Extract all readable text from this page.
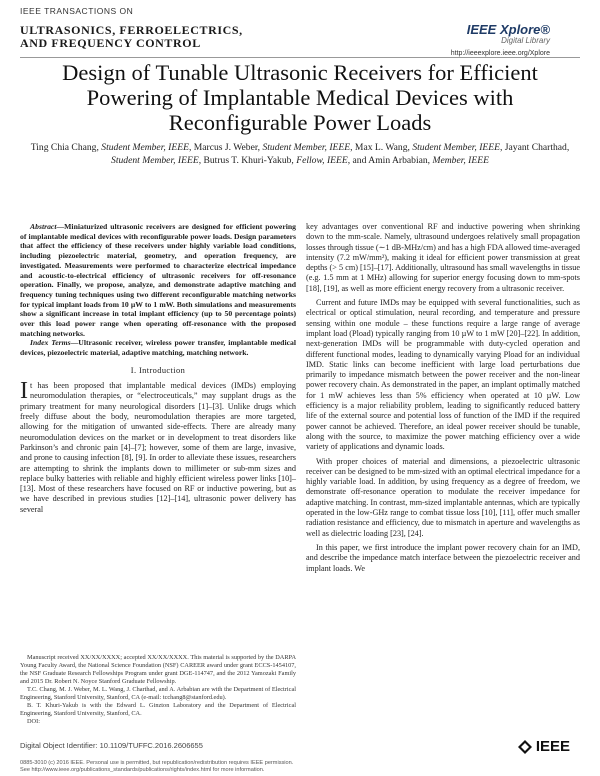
IEEE TRANSACTIONS ON
ULTRASONICS, FERROELECTRICS,
AND FREQUENCY CONTROL
IEEE Xplore®
Digital Library
http://ieeexplore.ieee.org/Xplore
Design of Tunable Ultrasonic Receivers for Efficient Powering of Implantable Medical Devices with Reconfigurable Power Loads
Ting Chia Chang, Student Member, IEEE, Marcus J. Weber, Student Member, IEEE, Max L. Wang, Student Member, IEEE, Jayant Charthad, Student Member, IEEE, Butrus T. Khuri-Yakub, Fellow, IEEE, and Amin Arbabian, Member, IEEE

Abstract—Miniaturized ultrasonic receivers are designed for efficient powering of implantable medical devices with reconfigurable power loads. Design parameters that affect the efficiency of these receivers under highly variable load conditions, including piezoelectric material, geometry, and operation frequency, are investigated. Measurements were performed to characterize electrical impedance and acoustic-to-electrical efficiency of ultrasonic receivers for off-resonance operation. Finally, we propose, analyze, and demonstrate adaptive matching and frequency tuning techniques using two different reconfigurable matching networks for typical implant loads from 10 µW to 1 mW. Both simulations and measurements show a significant increase in total implant efficiency (up to 50 percentage points) over this load power range when operating off-resonance with the proposed matching networks.

Index Terms—Ultrasonic receiver, wireless power transfer, implantable medical devices, piezoelectric material, adaptive matching, matching network.

I. Introduction
I t has been proposed that implantable medical devices (IMDs) employing neuromodulation therapies, or “electroceuticals,” may supplant drugs as the primary treatment for many neurological disorders [1]–[3]. Unlike drugs which freely diffuse about the body, neuromodulation therapies are more targeted, allowing for the mitigation of unwanted side-effects. There are already many neuromodulation devices on the market or in development to treat disorders like Parkinson’s and chronic pain [4]–[7]; however, some of them are large, invasive, and prone to causing infection [8], [9]. In order to alleviate these issues, researchers are attempting to shrink the implants down to millimeter or sub-mm sizes and replace bulky batteries with reliable and highly efficient wireless power links [10]–[13]. Most of these researchers have focused on RF or inductive powering, but as we have described in previous studies [12]–[14], ultrasonic power delivery has several

Manuscript received XX/XX/XXXX; accepted XX/XX/XXXX. This material is supported by the DARPA Young Faculty Award, the National Science Foundation (NSF) CAREER award under grant ECCS-1454107, the NSF Graduate Research Fellowships Program under grant DGE-114747, and the 2012 Yamozaki Family and 2015 Dr. Robert N. Noyce Stanford Graduate Fellowship.

T.C. Chang, M. J. Weber, M. L. Wang, J. Charthad, and A. Arbabian are with the Department of Electrical Engineering, Stanford University, Stanford, CA (e-mail: tcchang8@stanford.edu).

B. T. Khuri-Yakub is with the Edward L. Ginzton Laboratory and the Department of Electrical Engineering, Stanford University, Stanford, CA.

DOI:

key advantages over conventional RF and inductive powering when shrinking down to the mm-scale. Namely, ultrasound undergoes relatively small propagation losses through tissue (∼1 dB-MHz/cm) and has a high FDA allowed time-averaged intensity (7.2 mW/mm²), making it ideal for efficient power transmission at great depths (> 5 cm) [15]–[17]. Additionally, ultrasound has small wavelengths in tissue (e.g. 1.5 mm at 1 MHz) allowing for superior energy focusing down to mm-spots [18], [19], as well as more efficient energy recovery from a ultrasonic receiver.

Current and future IMDs may be equipped with several functionalities, such as electrical or optical stimulation, neural recording, and temperature and pressure sensing within one module – these functions require a large range of average implant load (Pload) typically ranging from 10 µW to 1 mW [20]–[22]. In addition, next-generation IMDs will be programmable with duty-cycled operation and different functional modes, leading to dynamically varying Pload for an individual IMD. Static links can become inefficient with large load perturbations due primarily to impedance mismatch between the power receiver and the non-linear power recovery chain. As demonstrated in the paper, an implant optimally matched for 1 mW achieves less than 5% efficiency when operated at 10 µW. Low efficiency is a major reliability problem, leading to significantly reduced battery life of the external source and potential loss of function of the IMD if the required power cannot be achieved. Therefore, an ideal power receiver should be tunable, along with the source, to maximize the power matching efficiency over a wide variety of applications and dynamic loads.

With proper choices of material and dimensions, a piezoelectric ultrasonic receiver can be designed to be mm-sized with an optimal electrical impedance for a highly variable load. In addition, by using frequency as a degree of freedom, we demonstrate off-resonance operation to modulate the receiver impedance for adaptive matching. In contrast, mm-sized implantable antennas, which are typically operated in the low-GHz range to combat tissue loss [10], [11], offer much smaller radiation resistance and efficiency, due to mismatch in aperture and wavelengths as well as dielectric loading [23], [24].

In this paper, we first introduce the implant power recovery chain for an IMD, and describe the impedance match interface between the piezoelectric receiver and implant loads. We

Digital Object Identifier: 10.1109/TUFFC.2016.2606655
0885-3010 (c) 2016 IEEE. Personal use is permitted, but republication/redistribution requires IEEE permission.
See http://www.ieee.org/publications_standards/publications/rights/index.html for more information.
IEEE
